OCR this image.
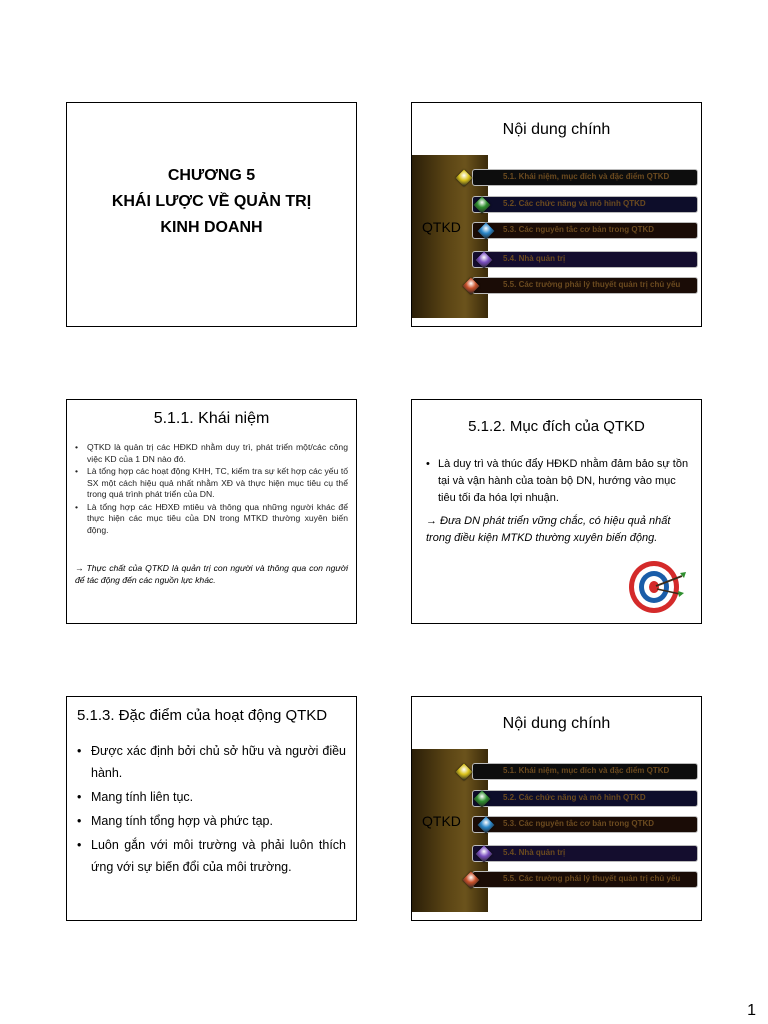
CHƯƠNG 5
KHÁI LƯỢC VỀ QUẢN TRỊ
KINH DOANH
Nội dung chính
QTKD
5.1. Khái niệm, mục đích và đặc điểm QTKD
5.2. Các chức năng và mô hình QTKD
5.3. Các nguyên tắc cơ bản trong QTKD
5.4. Nhà quản trị
5.5. Các trường phái lý thuyết quản trị chủ yếu
5.1.1. Khái niệm
• QTKD là quản trị các HĐKD nhằm duy trì, phát triển một/các công việc KD của 1 DN nào đó.
• Là tổng hợp các hoạt động KHH, TC, kiểm tra sự kết hợp các yếu tố SX một cách hiệu quả nhất nhằm XĐ và thực hiện mục tiêu cụ thể trong quá trình phát triển của DN.
• Là tổng hợp các HĐXĐ mtiêu và thông qua những người khác để thực hiện các mục tiêu của DN trong MTKD thường xuyên biến động.
→ Thực chất của QTKD là quản trị con người và thông qua con người để tác động đến các nguồn lực khác.
5.1.2. Mục đích của QTKD
• Là duy trì và thúc đẩy HĐKD nhằm đảm bảo sự tồn tại và vận hành của toàn bộ DN, hướng vào mục tiêu tối đa hóa lợi nhuận.
→ Đưa DN phát triển vững chắc, có hiệu quả nhất trong điều kiện MTKD thường xuyên biến động.
5.1.3. Đặc điểm của hoạt động QTKD
• Được xác định bởi chủ sở hữu và người điều hành.
• Mang tính liên tục.
• Mang tính tổng hợp và phức tạp.
• Luôn gắn với môi trường và phải luôn thích ứng với sự biến đổi của môi trường.
Nội dung chính
QTKD
5.1. Khái niệm, mục đích và đặc điểm QTKD
5.2. Các chức năng và mô hình QTKD
5.3. Các nguyên tắc cơ bản trong QTKD
5.4. Nhà quản trị
5.5. Các trường phái lý thuyết quản trị chủ yếu
1
